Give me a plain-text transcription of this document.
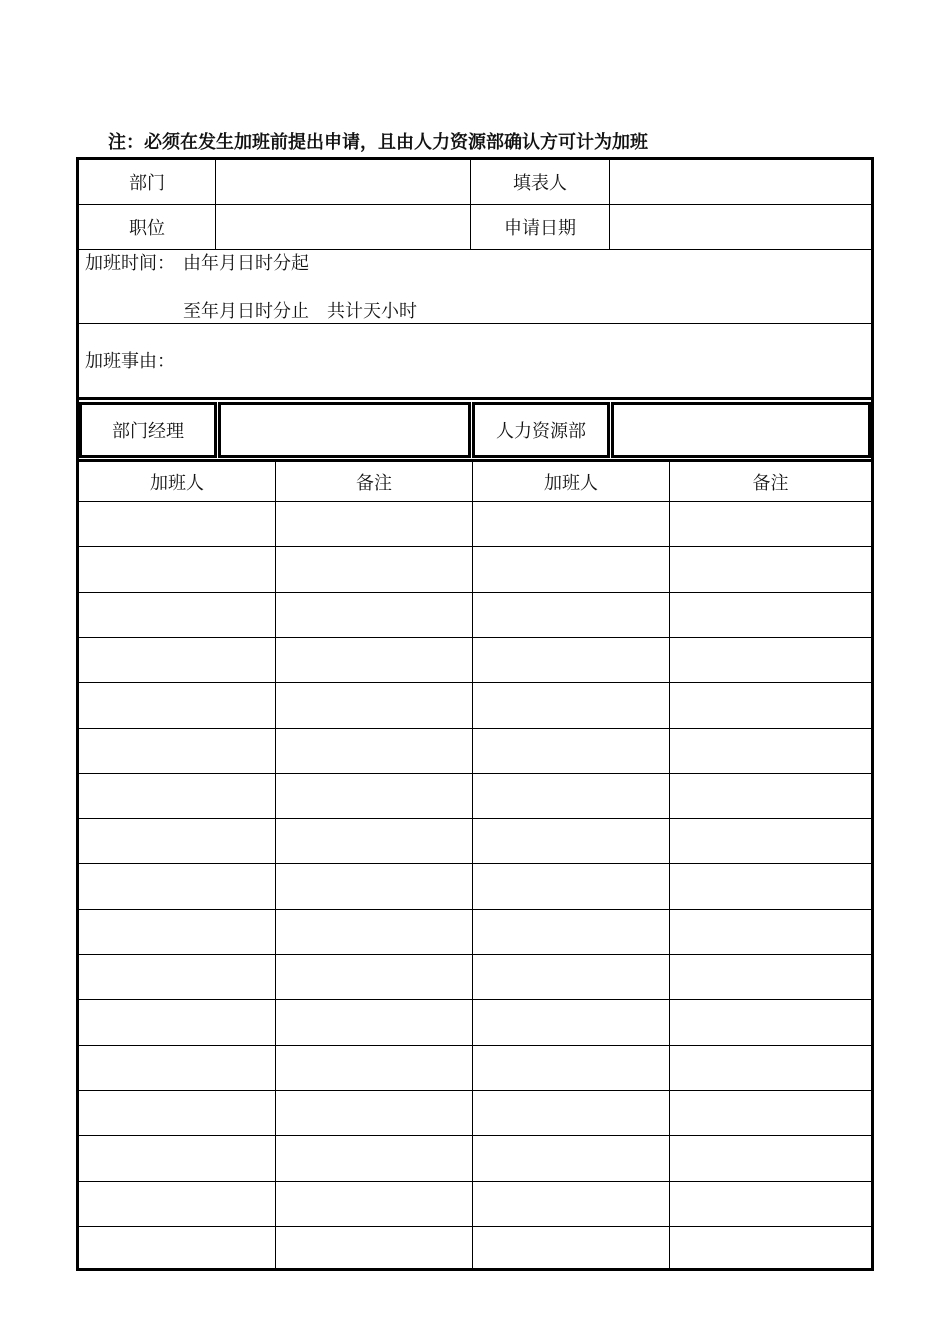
注：必须在发生加班前提出申请，且由人力资源部确认方可计为加班
部门	填表人
职位	申请日期
加班时间： 由年月日时分起
至年月日时分止　共计天小时
加班事由：
部门经理	人力资源部
加班人	备注	加班人	备注
